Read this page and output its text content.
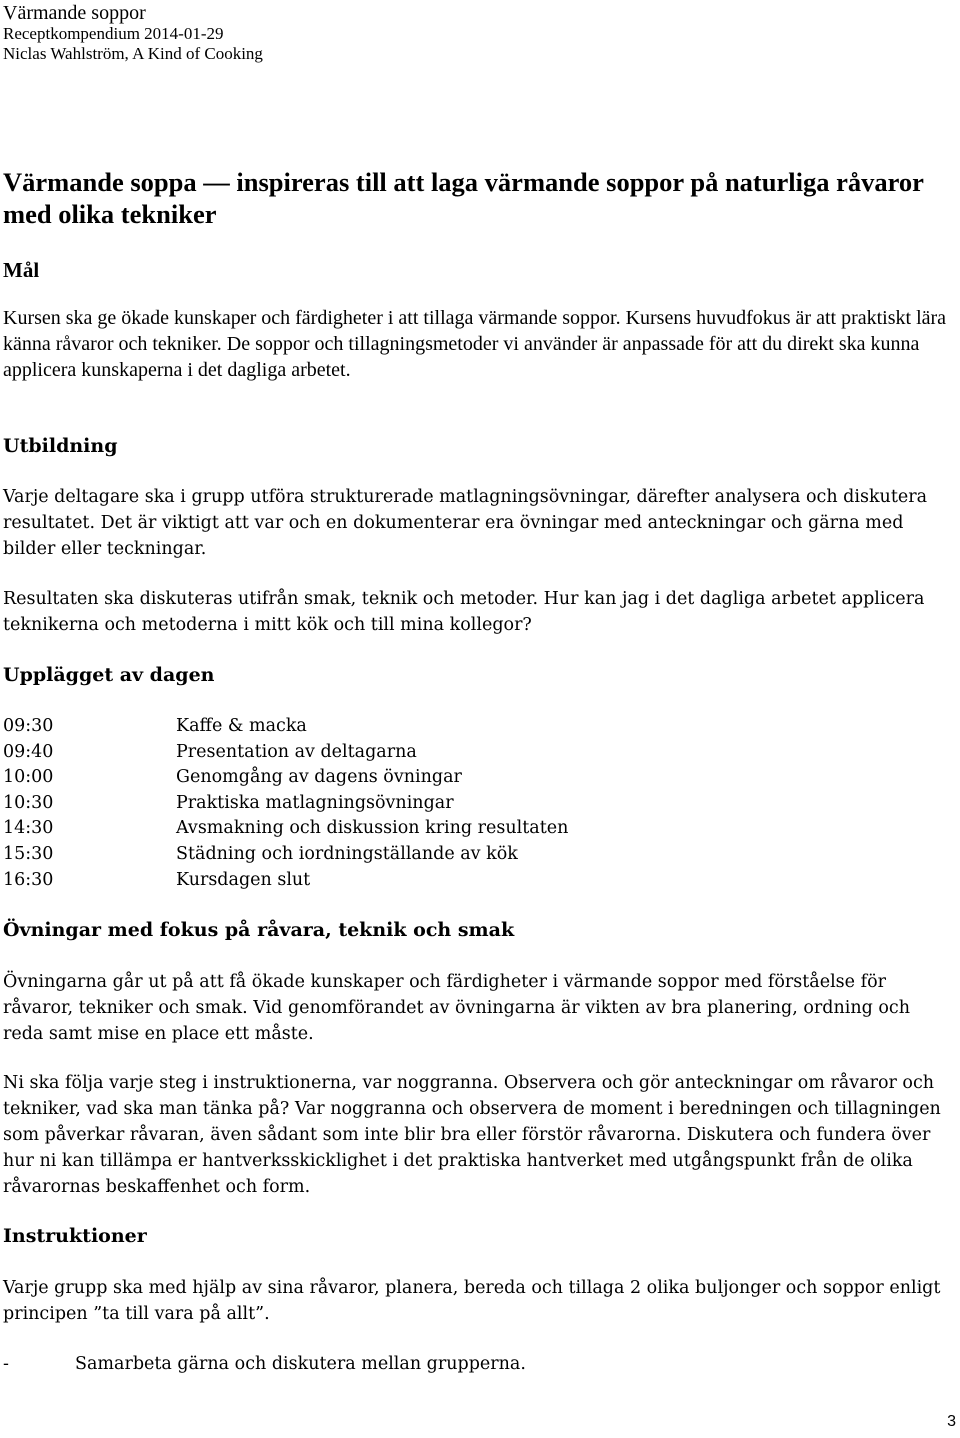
Värmande soppor
Receptkompendium 2014-01-29
Niclas Wahlström, A Kind of Cooking
Värmande soppa — inspireras till att laga värmande soppor på naturliga råvaror med olika tekniker
Mål

Kursen ska ge ökade kunskaper och färdigheter i att tillaga värmande soppor. Kursens huvudfokus är att praktiskt lära känna råvaror och tekniker. De soppor och tillagningsmetoder vi använder är anpassade för att du direkt ska kunna applicera kunskaperna i det dagliga arbetet.

Utbildning

Varje deltagare ska i grupp utföra strukturerade matlagningsövningar, därefter analysera och diskutera resultatet. Det är viktigt att var och en dokumenterar era övningar med anteckningar och gärna med bilder eller teckningar.

Resultaten ska diskuteras utifrån smak, teknik och metoder. Hur kan jag i det dagliga arbetet applicera teknikerna och metoderna i mitt kök och till mina kollegor?

Upplägget av dagen
09:30	Kaffe & macka
09:40	Presentation av deltagarna
10:00	Genomgång av dagens övningar
10:30	Praktiska matlagningsövningar
14:30	Avsmakning och diskussion kring resultaten
15:30	Städning och iordningställande av kök
16:30	Kursdagen slut
Övningar med fokus på råvara, teknik och smak

Övningarna går ut på att få ökade kunskaper och färdigheter i värmande soppor med förståelse för råvaror, tekniker och smak. Vid genomförandet av övningarna är vikten av bra planering, ordning och reda samt mise en place ett måste.

Ni ska följa varje steg i instruktionerna, var noggranna. Observera och gör anteckningar om råvaror och tekniker, vad ska man tänka på? Var noggranna och observera de moment i beredningen och tillagningen som påverkar råvaran, även sådant som inte blir bra eller förstör råvarorna. Diskutera och fundera över hur ni kan tillämpa er hantverksskicklighet i det praktiska hantverket med utgångspunkt från de olika råvarornas beskaffenhet och form.

Instruktioner

Varje grupp ska med hjälp av sina råvaror, planera, bereda och tillaga 2 olika buljonger och soppor enligt principen ”ta till vara på allt”.

-	Samarbeta gärna och diskutera mellan grupperna.
3
